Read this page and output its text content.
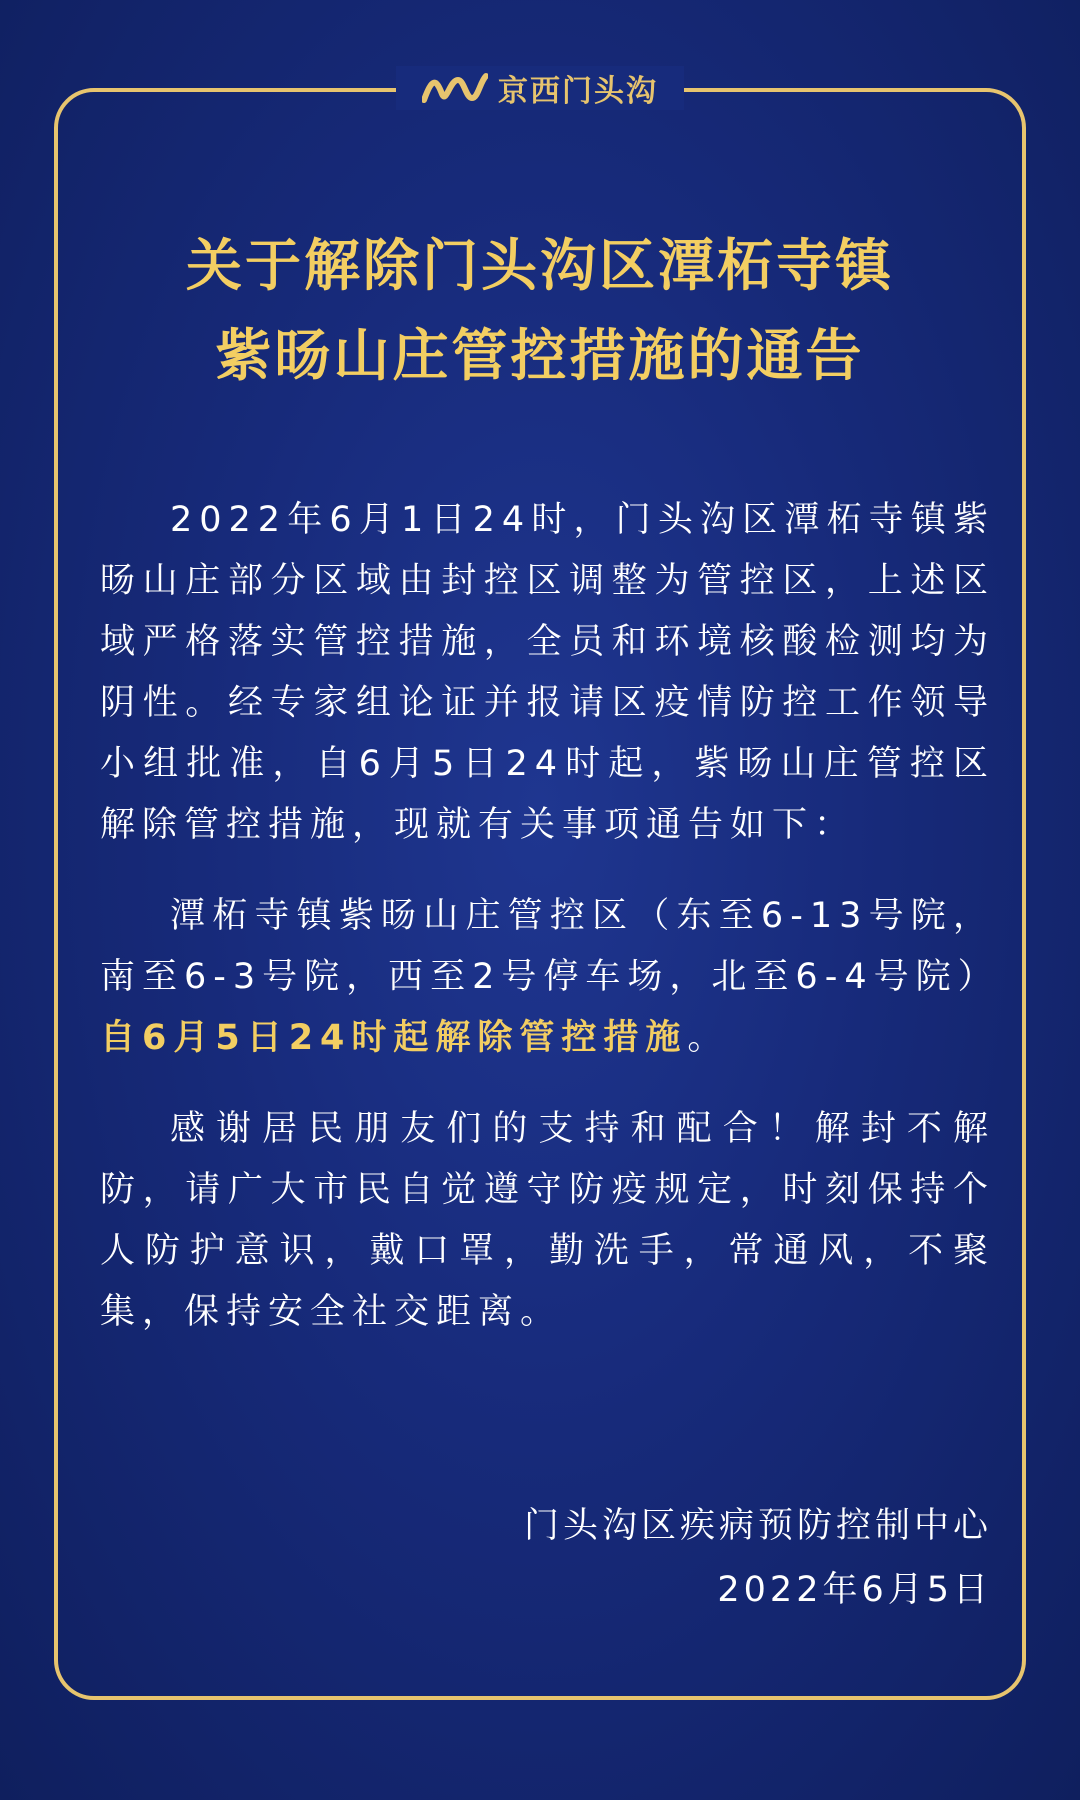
京西门头沟
关于解除门头沟区潭柘寺镇
紫旸山庄管控措施的通告

2022年6月1日24时，门头沟区潭柘寺镇紫旸山庄部分区域由封控区调整为管控区，上述区域严格落实管控措施，全员和环境核酸检测均为阴性。经专家组论证并报请区疫情防控工作领导小组批准，自6月5日24时起，紫旸山庄管控区解除管控措施，现就有关事项通告如下：

潭柘寺镇紫旸山庄管控区（东至6-13号院，南至6-3号院，西至2号停车场，北至6-4号院）自6月5日24时起解除管控措施。

感谢居民朋友们的支持和配合！解封不解防，请广大市民自觉遵守防疫规定，时刻保持个人防护意识，戴口罩，勤洗手，常通风，不聚集，保持安全社交距离。

门头沟区疾病预防控制中心
2022年6月5日
